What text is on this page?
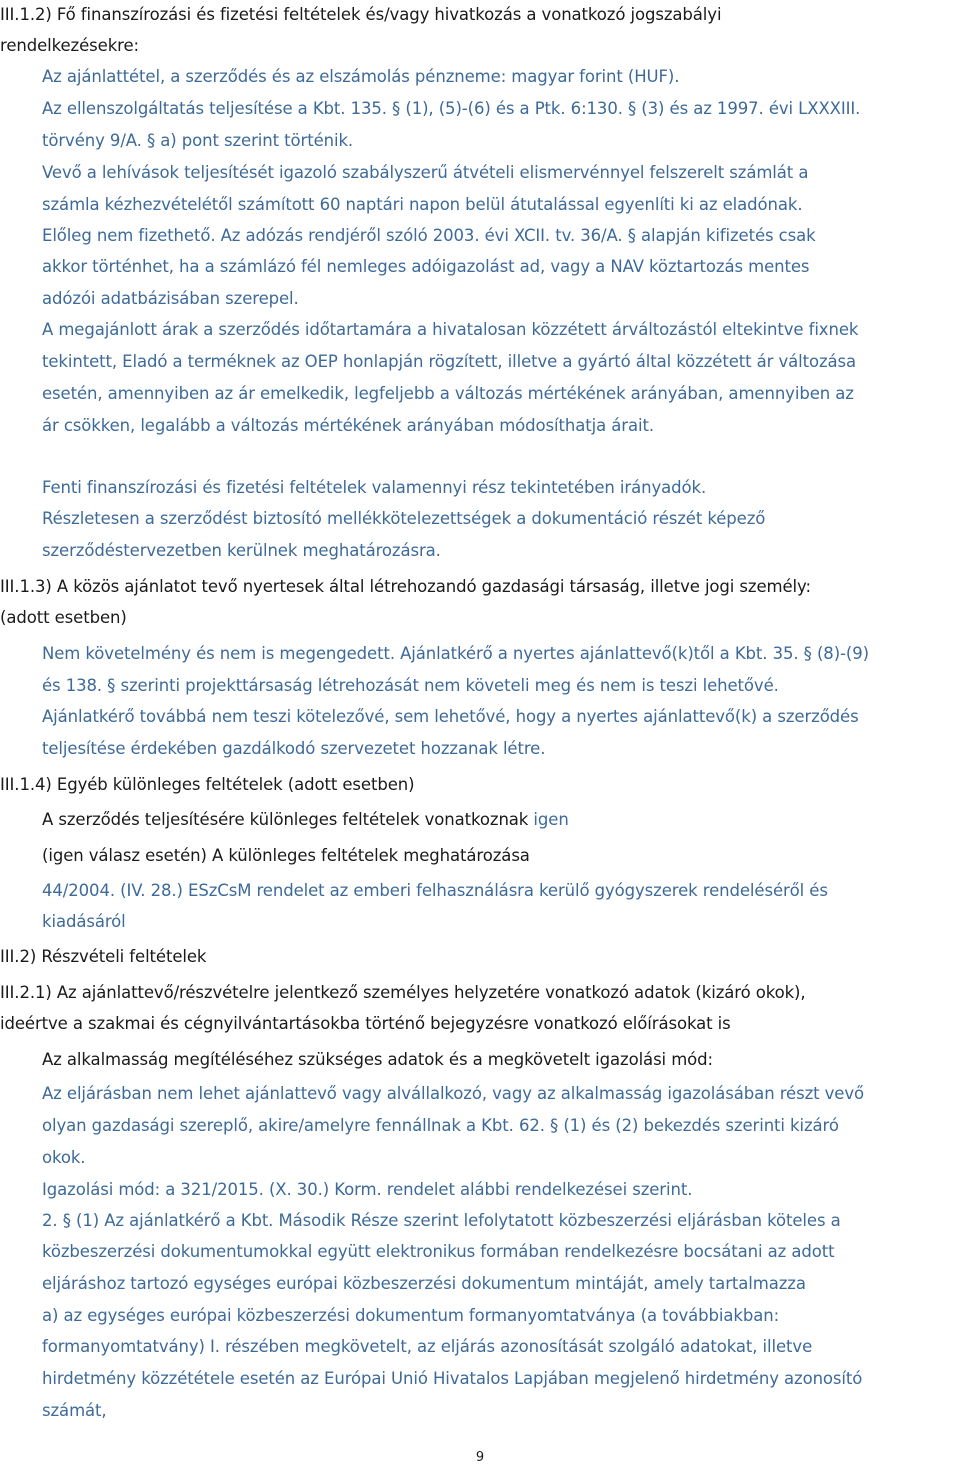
9
III.1.2) Fő finanszírozási és fizetési feltételek és/vagy hivatkozás a vonatkozó jogszabályi
rendelkezésekre:
Az ajánlattétel, a szerződés és az elszámolás pénzneme: magyar forint (HUF).
Az ellenszolgáltatás teljesítése a Kbt. 135. § (1), (5)-(6) és a Ptk. 6:130. § (3) és az 1997. évi LXXXIII.
törvény 9/A. § a) pont szerint történik.
Vevő a lehívások teljesítését igazoló szabályszerű átvételi elismervénnyel felszerelt számlát a
számla kézhezvételétől számított 60 naptári napon belül átutalással egyenlíti ki az eladónak.
Előleg nem fizethető. Az adózás rendjéről szóló 2003. évi XCII. tv. 36/A. § alapján kifizetés csak
akkor történhet, ha a számlázó fél nemleges adóigazolást ad, vagy a NAV köztartozás mentes
adózói adatbázisában szerepel.
A megajánlott árak a szerződés időtartamára a hivatalosan közzétett árváltozástól eltekintve fixnek
tekintett, Eladó a terméknek az OEP honlapján rögzített, illetve a gyártó által közzétett ár változása
esetén, amennyiben az ár emelkedik, legfeljebb a változás mértékének arányában, amennyiben az
ár csökken, legalább a változás mértékének arányában módosíthatja árait.
Fenti finanszírozási és fizetési feltételek valamennyi rész tekintetében irányadók.
Részletesen a szerződést biztosító mellékkötelezettségek a dokumentáció részét képező
szerződéstervezetben kerülnek meghatározásra.
III.1.3) A közös ajánlatot tevő nyertesek által létrehozandó gazdasági társaság, illetve jogi személy:
(adott esetben)
Nem követelmény és nem is megengedett. Ajánlatkérő a nyertes ajánlattevő(k)től a Kbt. 35. § (8)-(9)
és 138. § szerinti projekttársaság létrehozását nem követeli meg és nem is teszi lehetővé.
Ajánlatkérő továbbá nem teszi kötelezővé, sem lehetővé, hogy a nyertes ajánlattevő(k) a szerződés
teljesítése érdekében gazdálkodó szervezetet hozzanak létre.
III.1.4) Egyéb különleges feltételek (adott esetben)
A szerződés teljesítésére különleges feltételek vonatkoznak igen
(igen válasz esetén) A különleges feltételek meghatározása
44/2004. (IV. 28.) ESzCsM rendelet az emberi felhasználásra kerülő gyógyszerek rendeléséről és
kiadásáról
III.2) Részvételi feltételek
III.2.1) Az ajánlattevő/részvételre jelentkező személyes helyzetére vonatkozó adatok (kizáró okok),
ideértve a szakmai és cégnyilvántartásokba történő bejegyzésre vonatkozó előírásokat is
Az alkalmasság megítéléséhez szükséges adatok és a megkövetelt igazolási mód:
Az eljárásban nem lehet ajánlattevő vagy alvállalkozó, vagy az alkalmasság igazolásában részt vevő
olyan gazdasági szereplő, akire/amelyre fennállnak a Kbt. 62. § (1) és (2) bekezdés szerinti kizáró
okok.
Igazolási mód: a 321/2015. (X. 30.) Korm. rendelet alábbi rendelkezései szerint.
2. § (1) Az ajánlatkérő a Kbt. Második Része szerint lefolytatott közbeszerzési eljárásban köteles a
közbeszerzési dokumentumokkal együtt elektronikus formában rendelkezésre bocsátani az adott
eljáráshoz tartozó egységes európai közbeszerzési dokumentum mintáját, amely tartalmazza
a) az egységes európai közbeszerzési dokumentum formanyomtatványa (a továbbiakban:
formanyomtatvány) I. részében megkövetelt, az eljárás azonosítását szolgáló adatokat, illetve
hirdetmény közzététele esetén az Európai Unió Hivatalos Lapjában megjelenő hirdetmény azonosító
számát,
